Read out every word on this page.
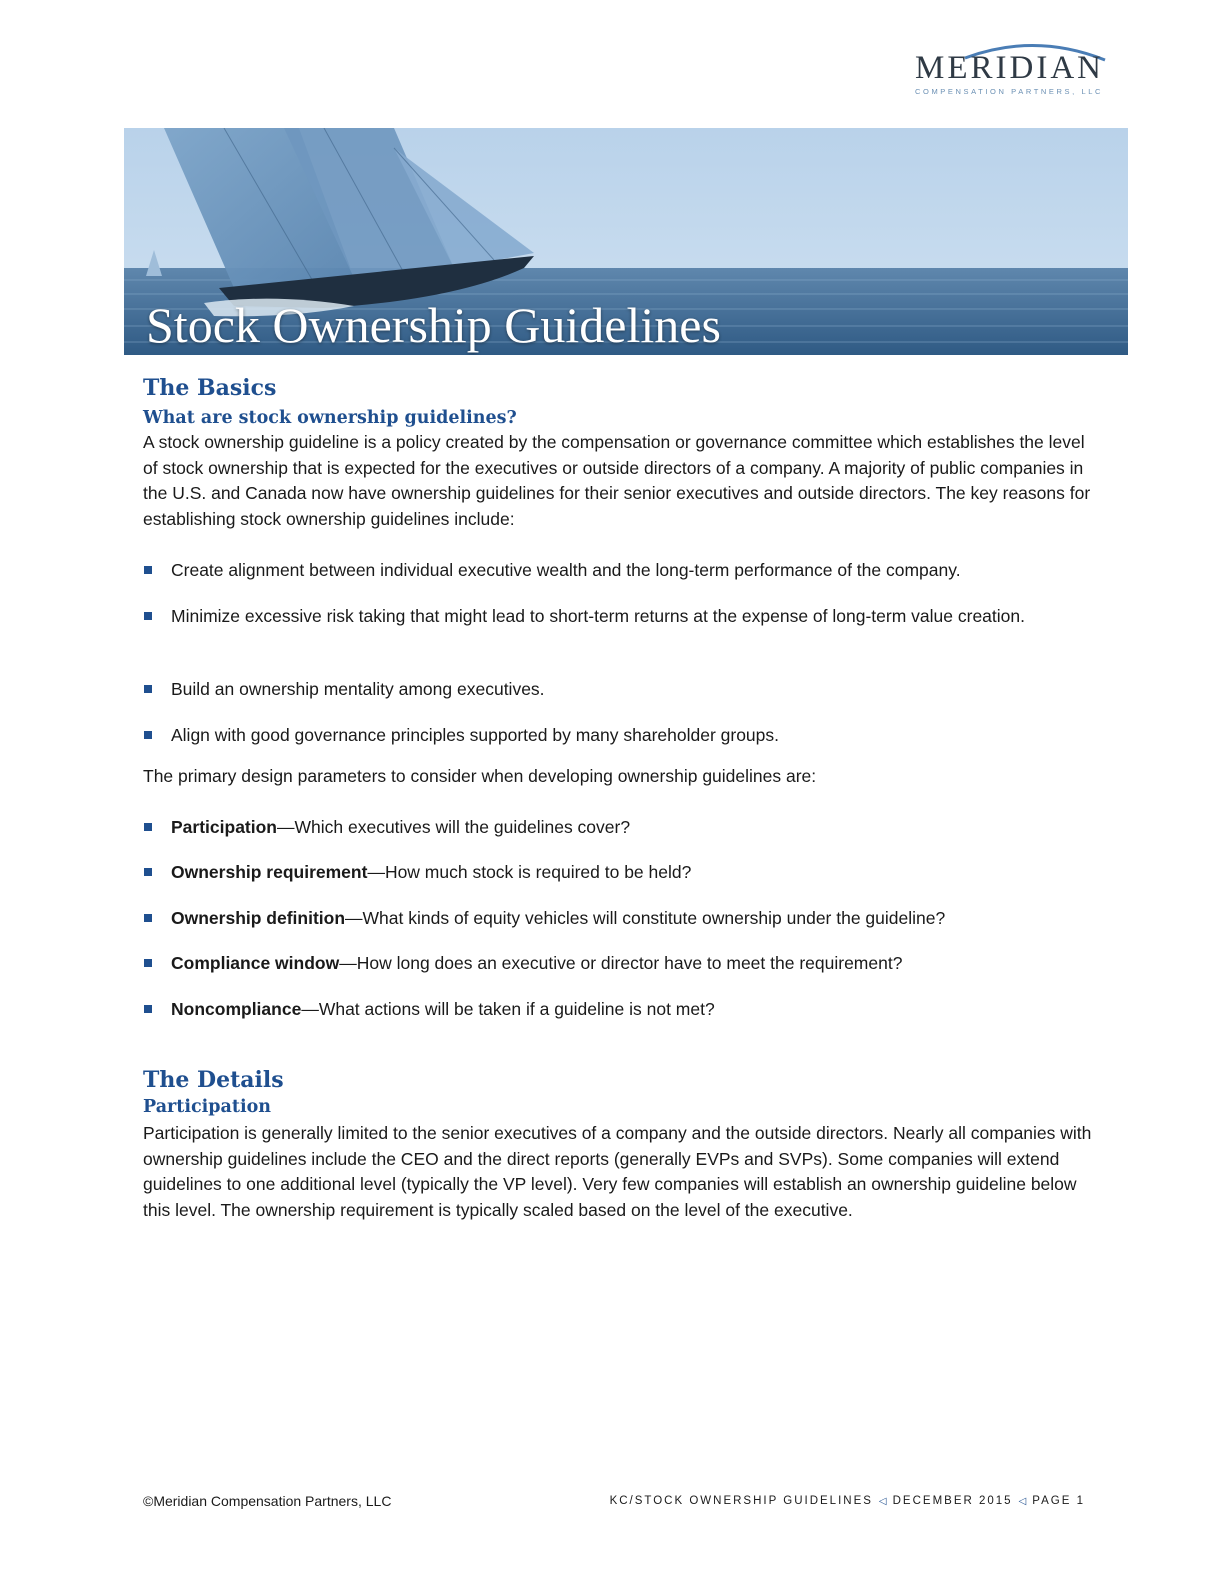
MERIDIAN
COMPENSATION PARTNERS, LLC
Stock Ownership Guidelines
The Basics
What are stock ownership guidelines?

A stock ownership guideline is a policy created by the compensation or governance committee which establishes the level of stock ownership that is expected for the executives or outside directors of a company. A majority of public companies in the U.S. and Canada now have ownership guidelines for their senior executives and outside directors. The key reasons for establishing stock ownership guidelines include:

Create alignment between individual executive wealth and the long-term performance of the company.
Minimize excessive risk taking that might lead to short-term returns at the expense of long-term value creation.
Build an ownership mentality among executives.
Align with good governance principles supported by many shareholder groups.

The primary design parameters to consider when developing ownership guidelines are:

Participation—Which executives will the guidelines cover?
Ownership requirement—How much stock is required to be held?
Ownership definition—What kinds of equity vehicles will constitute ownership under the guideline?
Compliance window—How long does an executive or director have to meet the requirement?
Noncompliance—What actions will be taken if a guideline is not met?
The Details
Participation

Participation is generally limited to the senior executives of a company and the outside directors. Nearly all companies with ownership guidelines include the CEO and the direct reports (generally EVPs and SVPs). Some companies will extend guidelines to one additional level (typically the VP level). Very few companies will establish an ownership guideline below this level. The ownership requirement is typically scaled based on the level of the executive.

©Meridian Compensation Partners, LLC	KC/STOCK OWNERSHIP GUIDELINES ◁ DECEMBER 2015 ◁ PAGE 1
